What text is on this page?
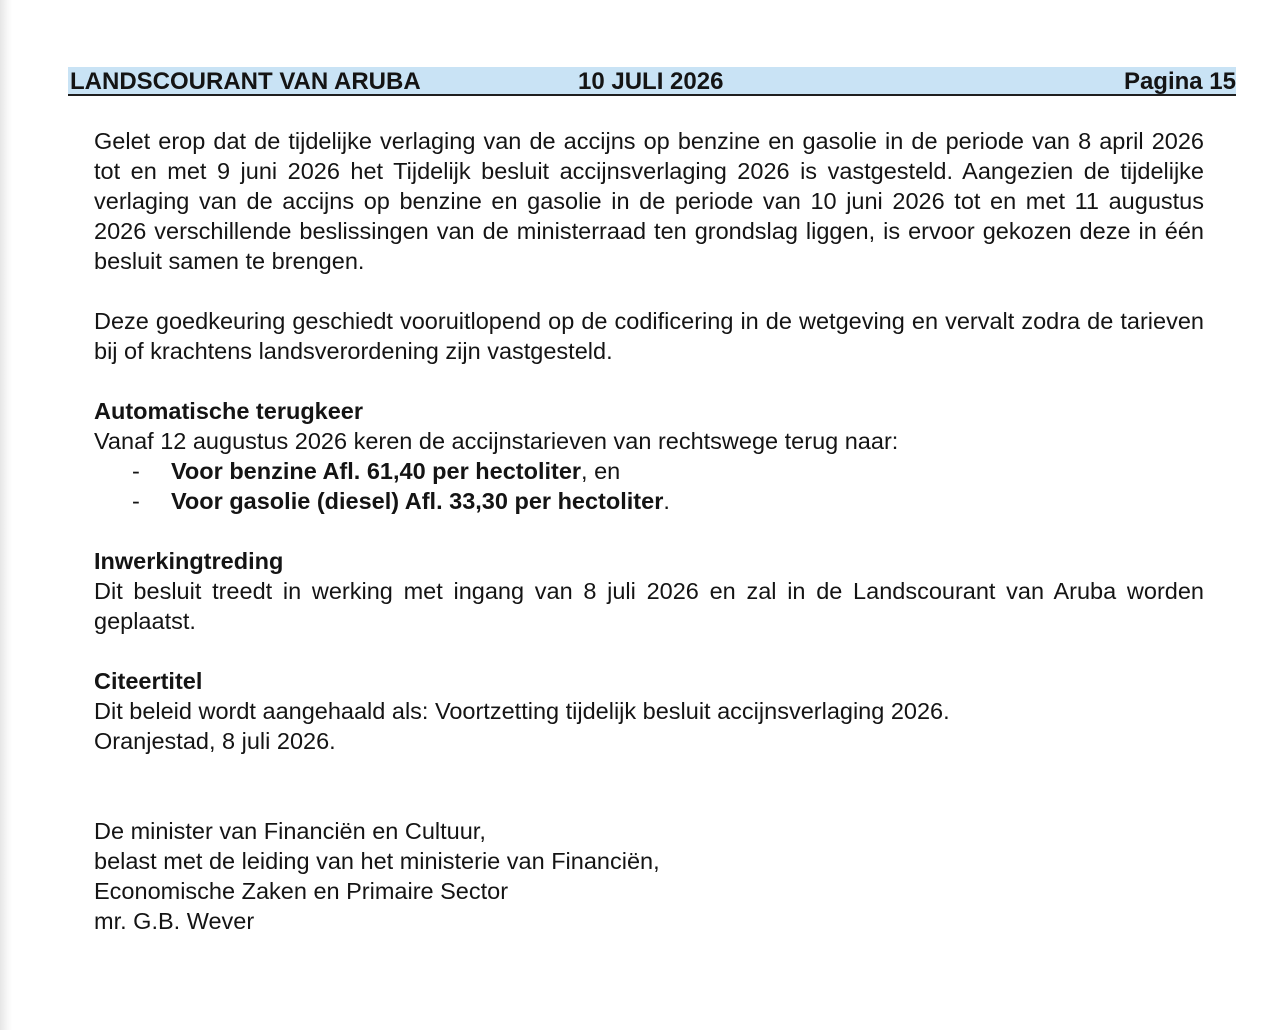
LANDSCOURANT VAN ARUBA	10 JULI 2026	Pagina 15

Gelet erop dat de tijdelijke verlaging van de accijns op benzine en gasolie in de periode van 8 april 2026 tot en met 9 juni 2026 het Tijdelijk besluit accijnsverlaging 2026 is vastgesteld. Aangezien de tijdelijke verlaging van de accijns op benzine en gasolie in de periode van 10 juni 2026 tot en met 11 augustus 2026 verschillende beslissingen van de ministerraad ten grondslag liggen, is ervoor gekozen deze in één besluit samen te brengen.

Deze goedkeuring geschiedt vooruitlopend op de codificering in de wetgeving en vervalt zodra de tarieven bij of krachtens landsverordening zijn vastgesteld.

Automatische terugkeer

Vanaf 12 augustus 2026 keren de accijnstarieven van rechtswege terug naar:

- Voor benzine Afl. 61,40 per hectoliter, en
- Voor gasolie (diesel) Afl. 33,30 per hectoliter.

Inwerkingtreding

Dit besluit treedt in werking met ingang van 8 juli 2026 en zal in de Landscourant van Aruba worden geplaatst.

Citeertitel

Dit beleid wordt aangehaald als: Voortzetting tijdelijk besluit accijnsverlaging 2026.

Oranjestad, 8 juli 2026.

De minister van Financiën en Cultuur,

belast met de leiding van het ministerie van Financiën,

Economische Zaken en Primaire Sector

mr. G.B. Wever
